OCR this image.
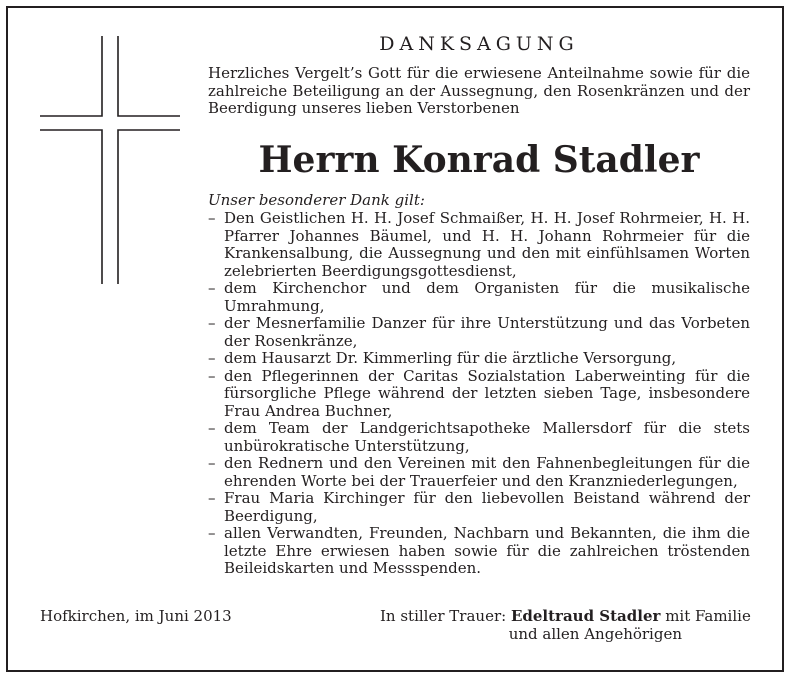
DANKSAGUNG
Herzliches Vergelt’s Gott für die erwiesene Anteilnahme sowie für die zahlreiche Beteiligung an der Aussegnung, den Rosenkränzen und der Beerdigung unseres lieben Verstorbenen
Herrn Konrad Stadler
Unser besonderer Dank gilt:
– Den Geistlichen H. H. Josef Schmaißer, H. H. Josef Rohrmeier, H. H. Pfarrer Johannes Bäumel, und H. H. Johann Rohrmeier für die Krankensalbung, die Aussegnung und den mit einfühlsamen Worten zelebrierten Beerdigungsgottesdienst,
– dem Kirchenchor und dem Organisten für die musikalische Umrahmung,
– der Mesnerfamilie Danzer für ihre Unterstützung und das Vorbeten der Rosenkränze,
– dem Hausarzt Dr. Kimmerling für die ärztliche Versorgung,
– den Pflegerinnen der Caritas Sozialstation Laberweinting für die fürsorgliche Pflege während der letzten sieben Tage, insbesondere Frau Andrea Buchner,
– dem Team der Landgerichtsapotheke Mallersdorf für die stets unbürokratische Unterstützung,
– den Rednern und den Vereinen mit den Fahnenbegleitungen für die ehrenden Worte bei der Trauerfeier und den Kranzniederlegungen,
– Frau Maria Kirchinger für den liebevollen Beistand während der Beerdigung,
– allen Verwandten, Freunden, Nachbarn und Bekannten, die ihm die letzte Ehre erwiesen haben sowie für die zahlreichen tröstenden Beileidskarten und Messspenden.
Hofkirchen, im Juni 2013	In stiller Trauer: Edeltraud Stadler mit Familie
und allen Angehörigen
